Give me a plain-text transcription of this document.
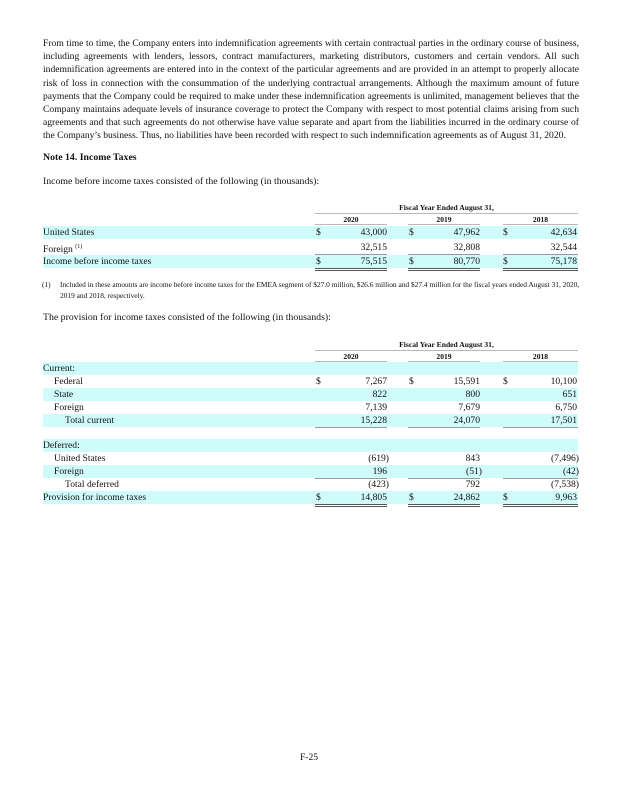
From time to time, the Company enters into indemnification agreements with certain contractual parties in the ordinary course of business, including agreements with lenders, lessors, contract manufacturers, marketing distributors, customers and certain vendors. All such indemnification agreements are entered into in the context of the particular agreements and are provided in an attempt to properly allocate risk of loss in connection with the consummation of the underlying contractual arrangements. Although the maximum amount of future payments that the Company could be required to make under these indemnification agreements is unlimited, management believes that the Company maintains adequate levels of insurance coverage to protect the Company with respect to most potential claims arising from such agreements and that such agreements do not otherwise have value separate and apart from the liabilities incurred in the ordinary course of the Company’s business. Thus, no liabilities have been recorded with respect to such indemnification agreements as of August 31, 2020.
Note 14. Income Taxes
Income before income taxes consisted of the following (in thousands):
Fiscal Year Ended August 31,
2020	2019	2018
United States	$	43,000 $	47,962 $	42,634
Foreign $^{(1)}$	32,515	32,808	32,544
Income before income taxes	$	75,515 $	80,770 $	75,178
(1) Included in these amounts are income before income taxes for the EMEA segment of $27.0 million, $26.6 million and $27.4 million for the fiscal years ended August 31, 2020, 2019 and 2018, respectively.
The provision for income taxes consisted of the following (in thousands):
Fiscal Year Ended August 31,
2020	2019	2018
Current:
Federal	$	7,267 $	15,591 $	10,100
State	822	800	651
Foreign	7,139	7,679	6,750
Total current	15,228	24,070	17,501
Deferred:
United States	(619)	843	(7,496)
Foreign	196	(51)	(42)
Total deferred	(423)	792	(7,538)
Provision for income taxes	$	14,805 $	24,862 $	9,963
F-25
